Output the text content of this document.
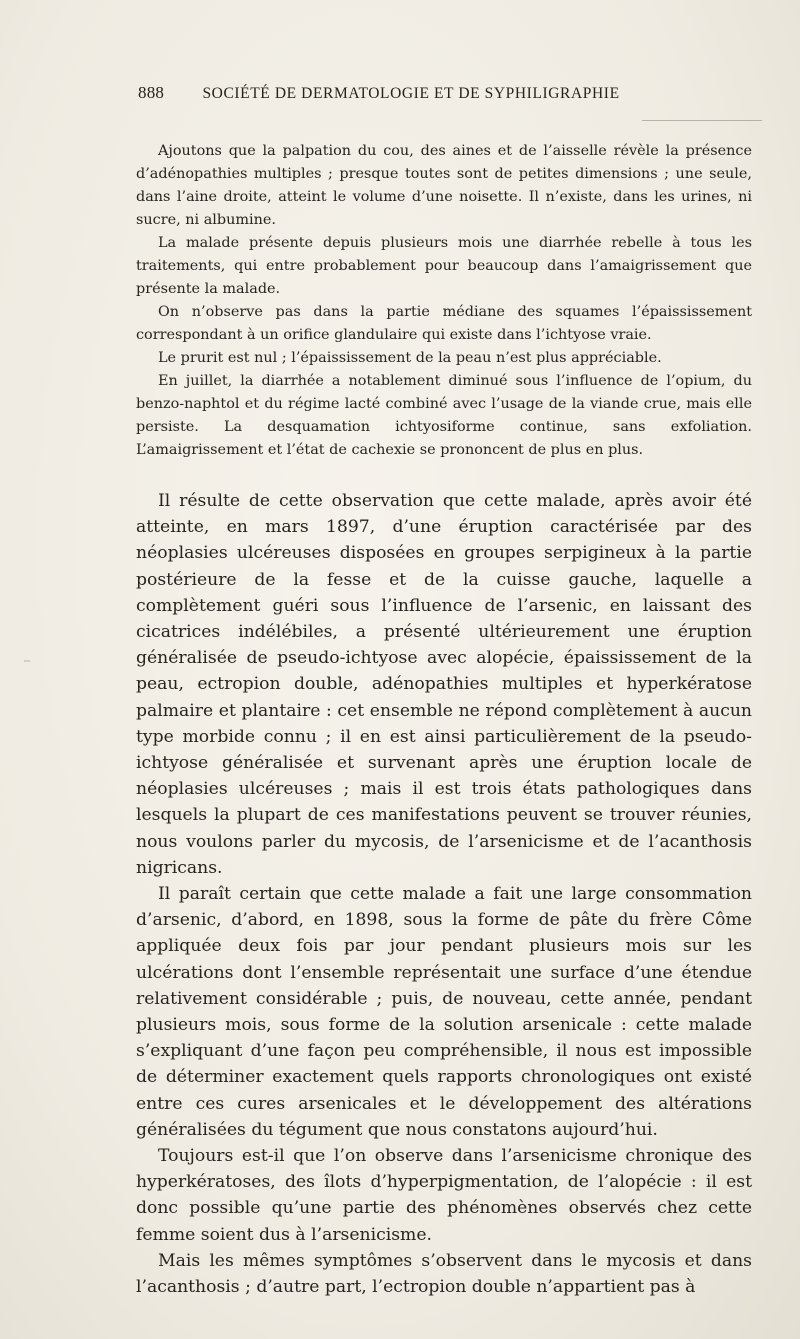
888 SOCIÉTÉ DE DERMATOLOGIE ET DE SYPHILIGRAPHIE

Ajoutons que la palpation du cou, des aines et de l’aisselle révèle la présence d’adénopathies multiples ; presque toutes sont de petites dimensions ; une seule, dans l’aine droite, atteint le volume d’une noisette. Il n’existe, dans les urines, ni sucre, ni albumine.

La malade présente depuis plusieurs mois une diarrhée rebelle à tous les traitements, qui entre probablement pour beaucoup dans l’amaigrissement que présente la malade.

On n’observe pas dans la partie médiane des squames l’épaississement correspondant à un orifice glandulaire qui existe dans l’ichtyose vraie.

Le prurit est nul ; l’épaississement de la peau n’est plus appréciable.

En juillet, la diarrhée a notablement diminué sous l’influence de l’opium, du benzo-naphtol et du régime lacté combiné avec l’usage de la viande crue, mais elle persiste. La desquamation ichtyosiforme continue, sans exfoliation. L’amaigrissement et l’état de cachexie se prononcent de plus en plus.

Il résulte de cette observation que cette malade, après avoir été atteinte, en mars 1897, d’une éruption caractérisée par des néoplasies ulcéreuses disposées en groupes serpigineux à la partie postérieure de la fesse et de la cuisse gauche, laquelle a complètement guéri sous l’influence de l’arsenic, en laissant des cicatrices indélébiles, a présenté ultérieurement une éruption généralisée de pseudo-ichtyose avec alopécie, épaississement de la peau, ectropion double, adénopathies multiples et hyperkératose palmaire et plantaire : cet ensemble ne répond complètement à aucun type morbide connu ; il en est ainsi particulièrement de la pseudo-ichtyose généralisée et survenant après une éruption locale de néoplasies ulcéreuses ; mais il est trois états pathologiques dans lesquels la plupart de ces manifestations peuvent se trouver réunies, nous voulons parler du mycosis, de l’arsenicisme et de l’acanthosis nigricans.

Il paraît certain que cette malade a fait une large consommation d’arsenic, d’abord, en 1898, sous la forme de pâte du frère Côme appliquée deux fois par jour pendant plusieurs mois sur les ulcérations dont l’ensemble représentait une surface d’une étendue relativement considérable ; puis, de nouveau, cette année, pendant plusieurs mois, sous forme de la solution arsenicale : cette malade s’expliquant d’une façon peu compréhensible, il nous est impossible de déterminer exactement quels rapports chronologiques ont existé entre ces cures arsenicales et le développement des altérations généralisées du tégument que nous constatons aujourd’hui.

Toujours est-il que l’on observe dans l’arsenicisme chronique des hyperkératoses, des îlots d’hyperpigmentation, de l’alopécie : il est donc possible qu’une partie des phénomènes observés chez cette femme soient dus à l’arsenicisme.

Mais les mêmes symptômes s’observent dans le mycosis et dans l’acanthosis ; d’autre part, l’ectropion double n’appartient pas à
